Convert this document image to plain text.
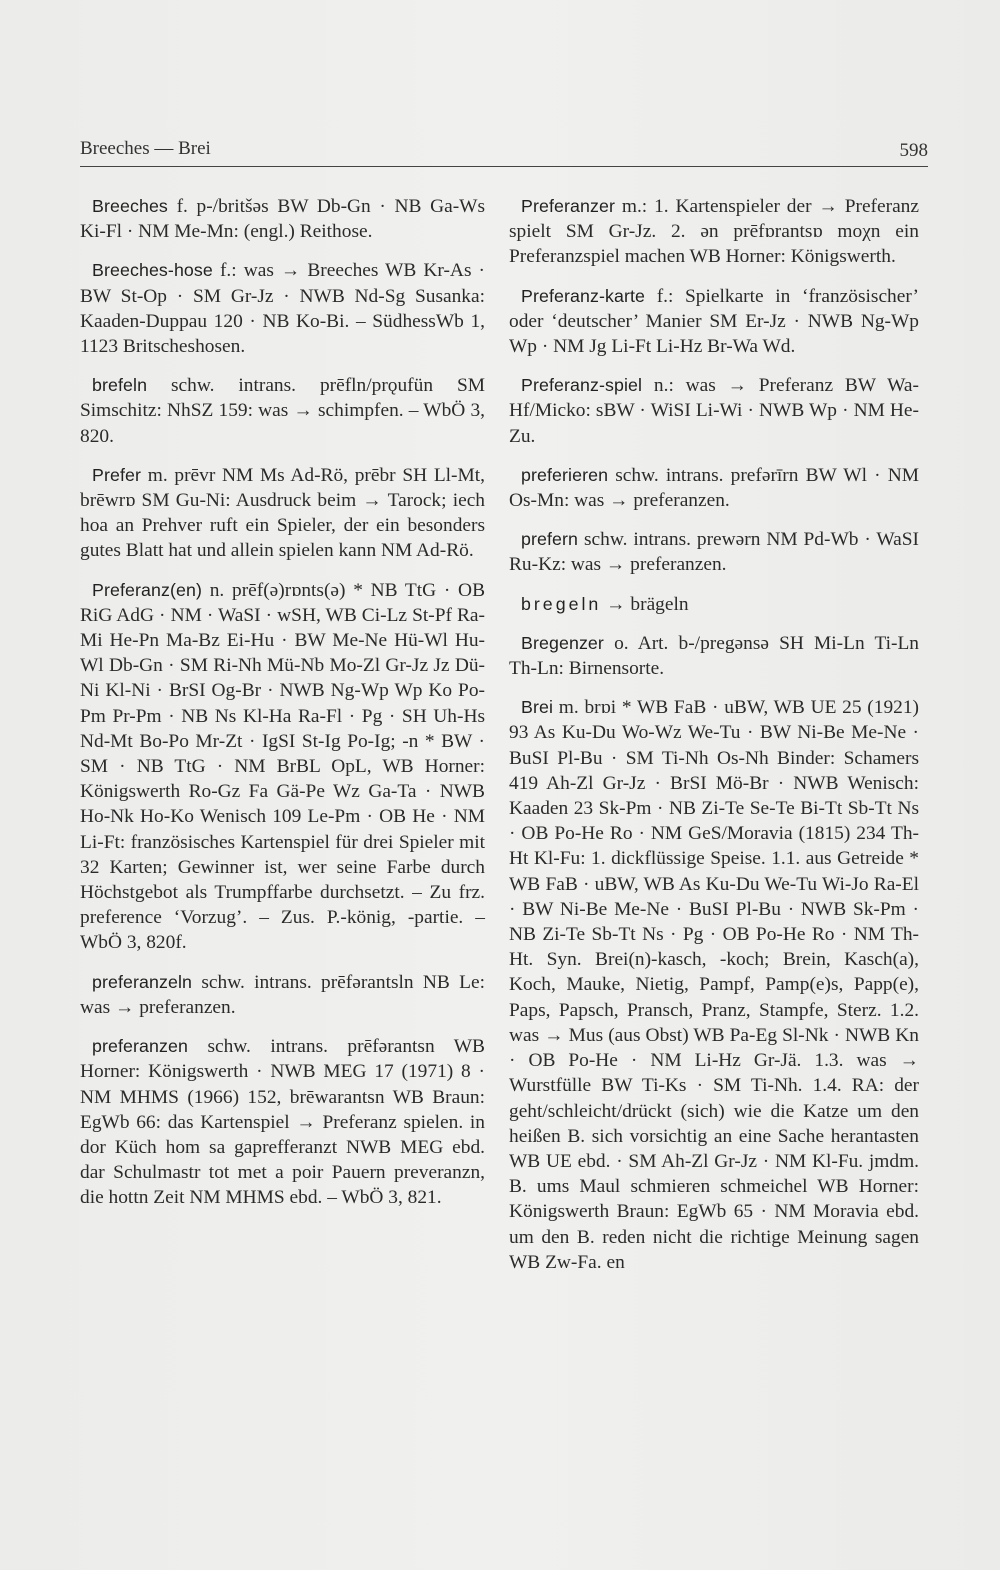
Breeches — Brei	598

Breeches f. p-/britšəs BW Db-Gn · NB Ga-Ws Ki-Fl · NM Me-Mn: (engl.) Reithose.

Breeches-hose f.: was → Breeches WB Kr-As · BW St-Op · SM Gr-Jz · NWB Nd-Sg Susanka: Kaaden-Duppau 120 · NB Ko-Bi. – SüdhessWb 1, 1123 Britscheshosen.

brefeln schw. intrans. prēfln/prǫufün SM Simschitz: NhSZ 159: was → schimpfen. – WbÖ 3, 820.

Prefer m. prēvr NM Ms Ad-Rö, prēbr SH Ll-Mt, brēwrɒ SM Gu-Ni: Ausdruck beim → Tarock; iech hoa an Prehver ruft ein Spieler, der ein besonders gutes Blatt hat und allein spielen kann NM Ad-Rö.

Preferanz(en) n. prēf(ə)rɒnts(ə) * NB TtG · OB RiG AdG · NM · WaSI · wSH, WB Ci-Lz St-Pf Ra-Mi He-Pn Ma-Bz Ei-Hu · BW Me-Ne Hü-Wl Hu-Wl Db-Gn · SM Ri-Nh Mü-Nb Mo-Zl Gr-Jz Jz Dü-Ni Kl-Ni · BrSI Og-Br · NWB Ng-Wp Wp Ko Po-Pm Pr-Pm · NB Ns Kl-Ha Ra-Fl · Pg · SH Uh-Hs Nd-Mt Bo-Po Mr-Zt · IgSI St-Ig Po-Ig; -n * BW · SM · NB TtG · NM BrBL OpL, WB Horner: Königswerth Ro-Gz Fa Gä-Pe Wz Ga-Ta · NWB Ho-Nk Ho-Ko Wenisch 109 Le-Pm · OB He · NM Li-Ft: französisches Kartenspiel für drei Spieler mit 32 Karten; Gewinner ist, wer seine Farbe durch Höchstgebot als Trumpffarbe durchsetzt. – Zu frz. preference ‘Vorzug’. – Zus. P.-könig, -partie. – WbÖ 3, 820f.

preferanzeln schw. intrans. prēfərantsln NB Le: was → preferanzen.

preferanzen schw. intrans. prēfərantsn WB Horner: Königswerth · NWB MEG 17 (1971) 8 · NM MHMS (1966) 152, brēwarantsn WB Braun: EgWb 66: das Kartenspiel → Preferanz spielen. in dor Küch hom sa gaprefferanzt NWB MEG ebd. dar Schulmastr tot met a poir Pauern preveranzn, die hottn Zeit NM MHMS ebd. – WbÖ 3, 821.

Preferanzer m.: 1. Kartenspieler der → Preferanz spielt SM Gr-Jz. 2. ən prēfɒrantsɒ moχn ein Preferanzspiel machen WB Horner: Königswerth.

Preferanz-karte f.: Spielkarte in ‘französischer’ oder ‘deutscher’ Manier SM Er-Jz · NWB Ng-Wp Wp · NM Jg Li-Ft Li-Hz Br-Wa Wd.

Preferanz-spiel n.: was → Preferanz BW Wa-Hf/Micko: sBW · WiSI Li-Wi · NWB Wp · NM He-Zu.

preferieren schw. intrans. prefərīrn BW Wl · NM Os-Mn: was → preferanzen.

prefern schw. intrans. prewərn NM Pd-Wb · WaSI Ru-Kz: was → preferanzen.

bregeln → brägeln

Bregenzer o. Art. b-/pregənsə SH Mi-Ln Ti-Ln Th-Ln: Birnensorte.

Brei m. brɒi * WB FaB · uBW, WB UE 25 (1921) 93 As Ku-Du Wo-Wz We-Tu · BW Ni-Be Me-Ne · BuSI Pl-Bu · SM Ti-Nh Os-Nh Binder: Schamers 419 Ah-Zl Gr-Jz · BrSI Mö-Br · NWB Wenisch: Kaaden 23 Sk-Pm · NB Zi-Te Se-Te Bi-Tt Sb-Tt Ns · OB Po-He Ro · NM GeS/Moravia (1815) 234 Th-Ht Kl-Fu: 1. dickflüssige Speise. 1.1. aus Getreide * WB FaB · uBW, WB As Ku-Du We-Tu Wi-Jo Ra-El · BW Ni-Be Me-Ne · BuSI Pl-Bu · NWB Sk-Pm · NB Zi-Te Sb-Tt Ns · Pg · OB Po-He Ro · NM Th-Ht. Syn. Brei(n)-kasch, -koch; Brein, Kasch(a), Koch, Mauke, Nietig, Pampf, Pamp(e)s, Papp(e), Paps, Papsch, Pransch, Pranz, Stampfe, Sterz. 1.2. was → Mus (aus Obst) WB Pa-Eg Sl-Nk · NWB Kn · OB Po-He · NM Li-Hz Gr-Jä. 1.3. was → Wurstfülle BW Ti-Ks · SM Ti-Nh. 1.4. RA: der geht/schleicht/drückt (sich) wie die Katze um den heißen B. sich vorsichtig an eine Sache herantasten WB UE ebd. · SM Ah-Zl Gr-Jz · NM Kl-Fu. jmdm. B. ums Maul schmieren schmeichel WB Horner: Königswerth Braun: EgWb 65 · NM Moravia ebd. um den B. reden nicht die richtige Meinung sagen WB Zw-Fa. en
